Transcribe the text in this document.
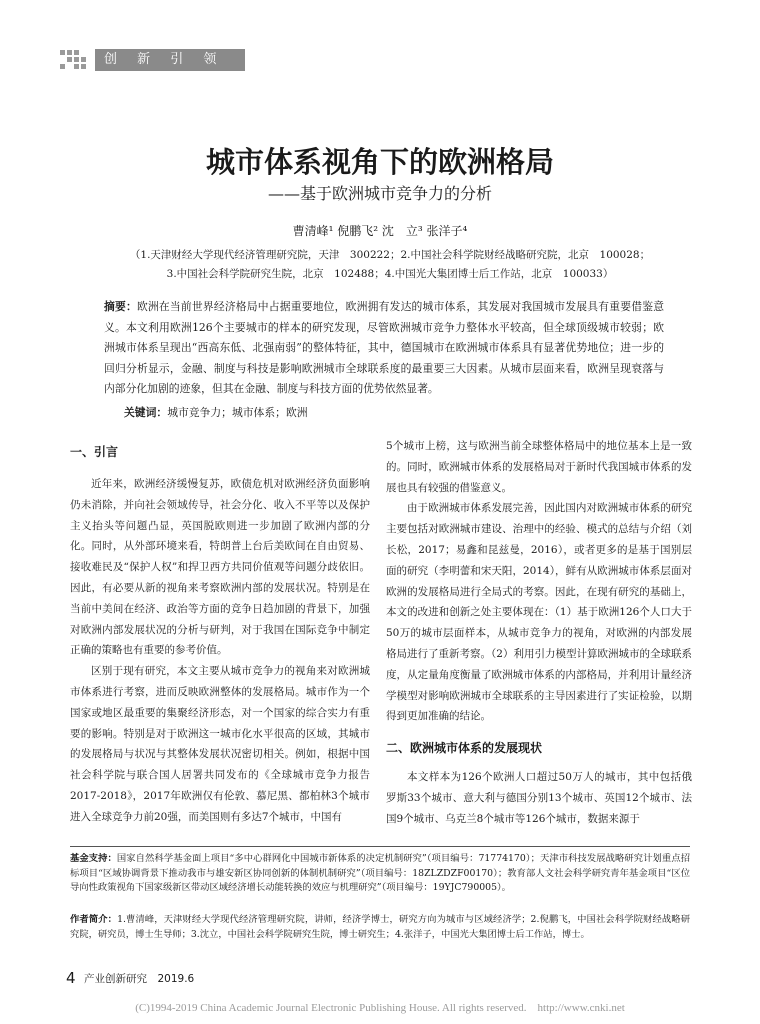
创 新 引 领
城市体系视角下的欧洲格局
——基于欧洲城市竞争力的分析
曹清峰¹ 倪鹏飞² 沈　立³ 张洋子⁴
（1.天津财经大学现代经济管理研究院，天津　300222；2.中国社会科学院财经战略研究院，北京　100028；
3.中国社会科学院研究生院，北京　102488；4.中国光大集团博士后工作站，北京　100033）
摘要：欧洲在当前世界经济格局中占据重要地位，欧洲拥有发达的城市体系，其发展对我国城市发展具有重要借鉴意义。本文利用欧洲126个主要城市的样本的研究发现，尽管欧洲城市竞争力整体水平较高，但全球顶级城市较弱；欧洲城市体系呈现出“西高东低、北强南弱”的整体特征，其中，德国城市在欧洲城市体系具有显著优势地位；进一步的回归分析显示，金融、制度与科技是影响欧洲城市全球联系度的最重要三大因素。从城市层面来看，欧洲呈现衰落与内部分化加剧的迹象，但其在金融、制度与科技方面的优势依然显著。
关键词：城市竞争力；城市体系；欧洲
一、引言

近年来，欧洲经济缓慢复苏，欧债危机对欧洲经济负面影响仍未消除，并向社会领域传导，社会分化、收入不平等以及保护主义抬头等问题凸显，英国脱欧则进一步加剧了欧洲内部的分化。同时，从外部环境来看，特朗普上台后美欧间在自由贸易、接收难民及“保护人权”和捍卫西方共同价值观等问题分歧依旧。因此，有必要从新的视角来考察欧洲内部的发展状况。特别是在当前中美间在经济、政治等方面的竞争日趋加剧的背景下，加强对欧洲内部发展状况的分析与研判，对于我国在国际竞争中制定正确的策略也有重要的参考价值。

区别于现有研究，本文主要从城市竞争力的视角来对欧洲城市体系进行考察，进而反映欧洲整体的发展格局。城市作为一个国家或地区最重要的集聚经济形态，对一个国家的综合实力有重要的影响。特别是对于欧洲这一城市化水平很高的区域，其城市的发展格局与状况与其整体发展状况密切相关。例如，根据中国社会科学院与联合国人居署共同发布的《全球城市竞争力报告2017-2018》，2017年欧洲仅有伦敦、慕尼黑、都柏林3个城市进入全球竞争力前20强，而美国则有多达7个城市，中国有

5个城市上榜，这与欧洲当前全球整体格局中的地位基本上是一致的。同时，欧洲城市体系的发展格局对于新时代我国城市体系的发展也具有较强的借鉴意义。

由于欧洲城市体系发展完善，因此国内对欧洲城市体系的研究主要包括对欧洲城市建设、治理中的经验、模式的总结与介绍（刘长松，2017；易鑫和昆兹曼，2016），或者更多的是基于国别层面的研究（李明蕾和宋天阳，2014），鲜有从欧洲城市体系层面对欧洲的发展格局进行全局式的考察。因此，在现有研究的基础上，本文的改进和创新之处主要体现在：（1）基于欧洲126个人口大于50万的城市层面样本，从城市竞争力的视角，对欧洲的内部发展格局进行了重新考察。（2）利用引力模型计算欧洲城市的全球联系度，从定量角度衡量了欧洲城市体系的内部格局，并利用计量经济学模型对影响欧洲城市全球联系的主导因素进行了实证检验，以期得到更加准确的结论。

二、欧洲城市体系的发展现状

本文样本为126个欧洲人口超过50万人的城市，其中包括俄罗斯33个城市、意大利与德国分别13个城市、英国12个城市、法国9个城市、乌克兰8个城市等126个城市，数据来源于

基金支持：国家自然科学基金面上项目“多中心群网化中国城市新体系的决定机制研究”（项目编号：71774170）；天津市科技发展战略研究计划重点招标项目“区域协调背景下推动我市与雄安新区协同创新的体制机制研究”（项目编号：18ZLZDZF00170）；教育部人文社会科学研究青年基金项目“区位导向性政策视角下国家级新区带动区域经济增长动能转换的效应与机理研究”（项目编号：19YJC790005）。
作者简介：1.曹清峰，天津财经大学现代经济管理研究院，讲师，经济学博士，研究方向为城市与区域经济学；2.倪鹏飞，中国社会科学院财经战略研究院，研究员，博士生导师；3.沈立，中国社会科学院研究生院，博士研究生；4.张洋子，中国光大集团博士后工作站，博士。
4 产业创新研究　2019.6
(C)1994-2019 China Academic Journal Electronic Publishing House. All rights reserved.　http://www.cnki.net
